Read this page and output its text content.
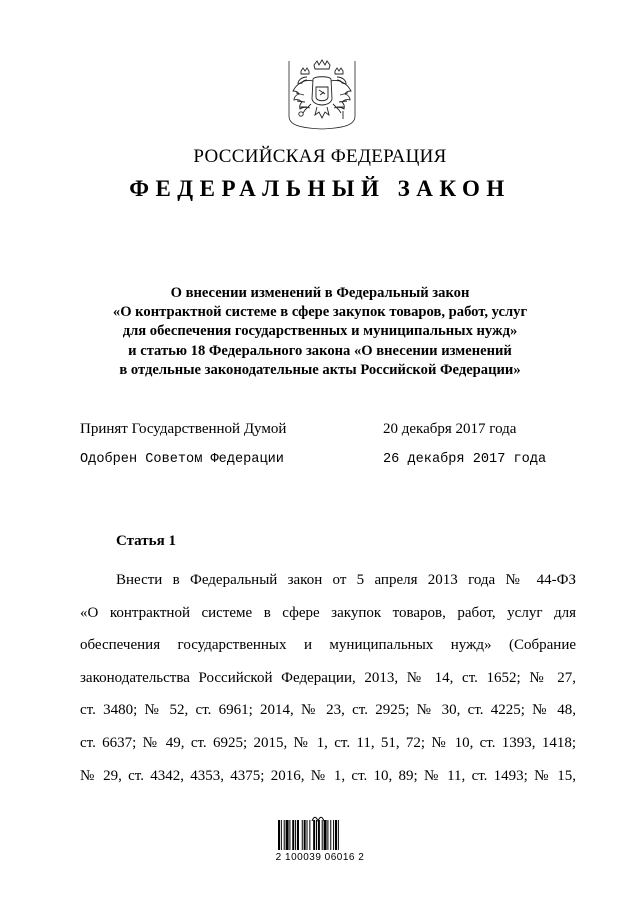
РОССИЙСКАЯ ФЕДЕРАЦИЯ
ФЕДЕРАЛЬНЫЙ ЗАКОН
О внесении изменений в Федеральный закон
«О контрактной системе в сфере закупок товаров, работ, услуг
для обеспечения государственных и муниципальных нужд»
и статью 18 Федерального закона «О внесении изменений
в отдельные законодательные акты Российской Федерации»
Принят Государственной Думой	20 декабря 2017 года
Одобрен Советом Федерации	26 декабря 2017 года
Статья 1
Внести в Федеральный закон от 5 апреля 2013 года № 44-ФЗ
«О контрактной системе в сфере закупок товаров, работ, услуг для
обеспечения государственных и муниципальных нужд» (Собрание
законодательства Российской Федерации, 2013, № 14, ст. 1652; № 27,
ст. 3480; № 52, ст. 6961; 2014, № 23, ст. 2925; № 30, ст. 4225; № 48,
ст. 6637; № 49, ст. 6925; 2015, № 1, ст. 11, 51, 72; № 10, ст. 1393, 1418;
№ 29, ст. 4342, 4353, 4375; 2016, № 1, ст. 10, 89; № 11, ст. 1493; № 15,
2 100039 06016 2
